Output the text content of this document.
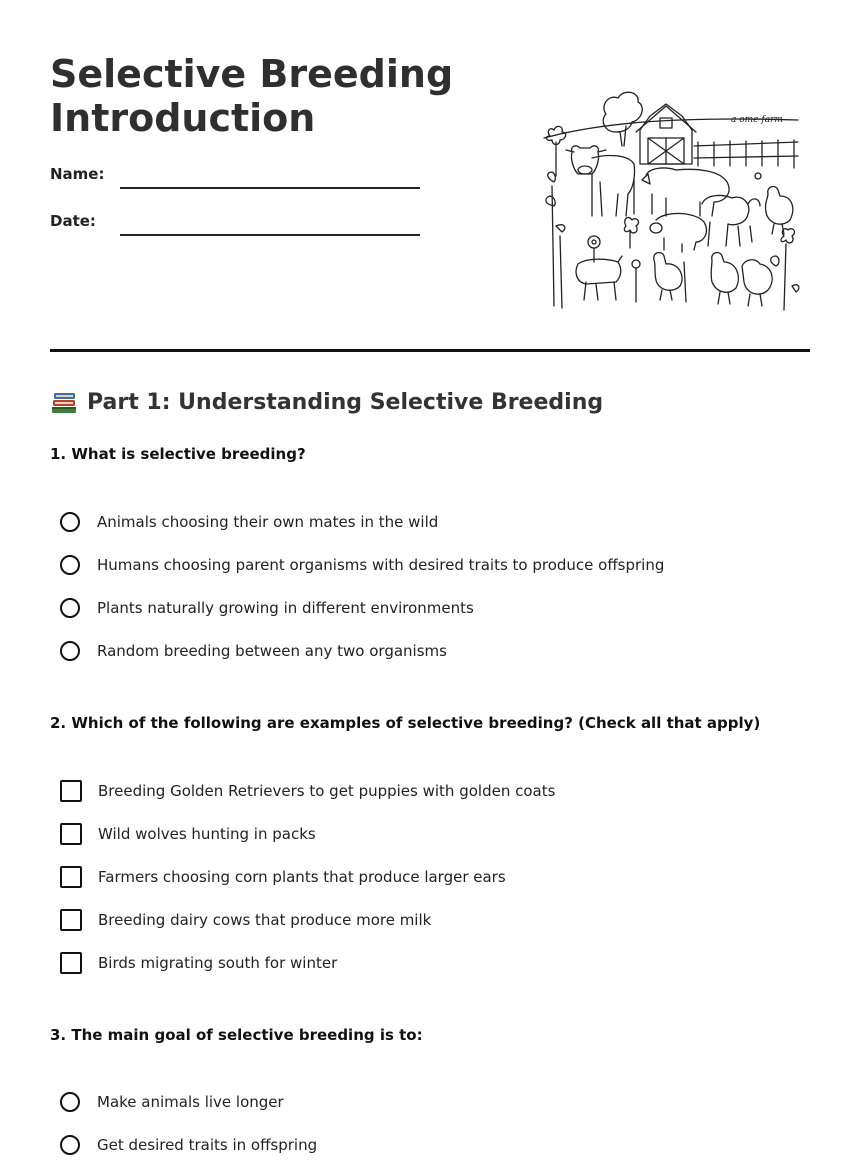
Selective Breeding Introduction
Name:
Date:
a ome farm
Part 1: Understanding Selective Breeding

1. What is selective breeding?

Animals choosing their own mates in the wild
Humans choosing parent organisms with desired traits to produce offspring
Plants naturally growing in different environments
Random breeding between any two organisms

2. Which of the following are examples of selective breeding? (Check all that apply)

Breeding Golden Retrievers to get puppies with golden coats
Wild wolves hunting in packs
Farmers choosing corn plants that produce larger ears
Breeding dairy cows that produce more milk
Birds migrating south for winter

3. The main goal of selective breeding is to:

Make animals live longer
Get desired traits in offspring
